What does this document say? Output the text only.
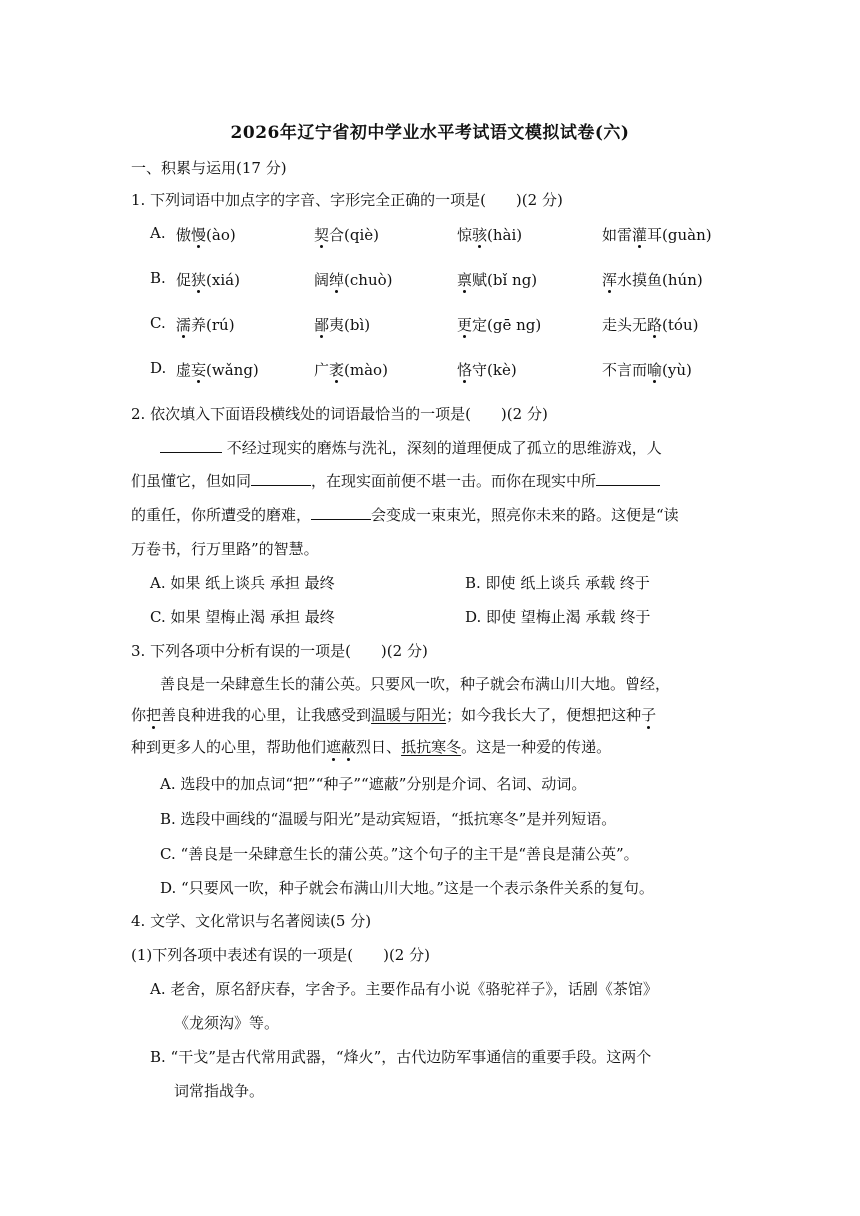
2026年辽宁省初中学业水平考试语文模拟试卷(六)
一、积累与运用(17 分)
1. 下列词语中加点字的字音、字形完全正确的一项是(　　)(2 分)
A. 傲慢(ào)	契合(qiè)	惊骇(hài)	如雷灌耳(guàn)
B. 促狭(xiá)	阔绰(chuò)	禀赋(bǐ ng)	浑水摸鱼(hún)
C. 濡养(rú)	鄙夷(bì)	更定(gē ng)	走头无路(tóu)
D. 虚妄(wǎng)	广袤(mào)	恪守(kè)	不言而喻(yù)
2. 依次填入下面语段横线处的词语最恰当的一项是(　　)(2 分)
不经过现实的磨炼与洗礼，深刻的道理便成了孤立的思维游戏，人
们虽懂它，但如同	，在现实面前便不堪一击。而你在现实中所
的重任，你所遭受的磨难，	会变成一束束光，照亮你未来的路。这便是“读
万卷书，行万里路”的智慧。
A. 如果 纸上谈兵 承担 最终	B. 即使 纸上谈兵 承载 终于
C. 如果 望梅止渴 承担 最终	D. 即使 望梅止渴 承载 终于
3. 下列各项中分析有误的一项是(　　)(2 分)
善良是一朵肆意生长的蒲公英。只要风一吹，种子就会布满山川大地。曾经，
你把善良种进我的心里，让我感受到温暖与阳光；如今我长大了，便想把这种子
种到更多人的心里，帮助他们遮蔽烈日、抵抗寒冬。这是一种爱的传递。
A. 选段中的加点词“把”“种子”“遮蔽”分别是介词、名词、动词。
B. 选段中画线的“温暖与阳光”是动宾短语，“抵抗寒冬”是并列短语。
C. “善良是一朵肆意生长的蒲公英。”这个句子的主干是“善良是蒲公英”。
D. “只要风一吹，种子就会布满山川大地。”这是一个表示条件关系的复句。
4. 文学、文化常识与名著阅读(5 分)
(1)下列各项中表述有误的一项是(　　)(2 分)
A. 老舍，原名舒庆春，字舍予。主要作品有小说《骆驼祥子》，话剧《茶馆》
《龙须沟》等。
B. “干戈”是古代常用武器，“烽火”，古代边防军事通信的重要手段。这两个
词常指战争。
